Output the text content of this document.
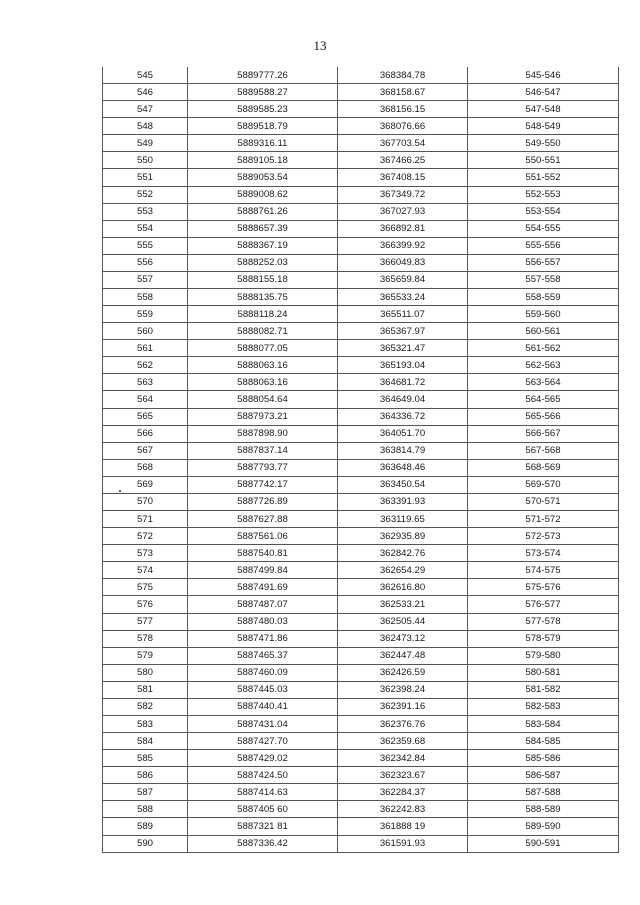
13
545	5889777.26	368384.78	545-546
546	5889588.27	368158.67	546-547
547	5889585.23	368156.15	547-548
548	5889518.79	368076.66	548-549
549	5889316.11	367703.54	549-550
550	5889105.18	367466.25	550-551
551	5889053.54	367408.15	551-552
552	5889008.62	367349.72	552-553
553	5888761.26	367027.93	553-554
554	5888657.39	366892.81	554-555
555	5888367.19	366399.92	555-556
556	5888252.03	366049.83	556-557
557	5888155.18	365659.84	557-558
558	5888135.75	365533.24	558-559
559	5888118.24	365511.07	559-560
560	5888082.71	365367.97	560-561
561	5888077.05	365321.47	561-562
562	5888063.16	365193.04	562-563
563	5888063.16	364681.72	563-564
564	5888054.64	364649.04	564-565
565	5887973.21	364336.72	565-566
566	5887898.90	364051.70	566-567
567	5887837.14	363814.79	567-568
568	5887793.77	363648.46	568-569
569	5887742.17	363450.54	569-570
570	5887726.89	363391.93	570-571
571	5887627.88	363119.65	571-572
572	5887561.06	362935.89	572-573
573	5887540.81	362842.76	573-574
574	5887499.84	362654.29	574-575
575	5887491.69	362616.80	575-576
576	5887487.07	362533.21	576-577
577	5887480.03	362505.44	577-578
578	5887471.86	362473.12	578-579
579	5887465.37	362447.48	579-580
580	5887460.09	362426.59	580-581
581	5887445.03	362398.24	581-582
582	5887440.41	362391.16	582-583
583	5887431.04	362376.76	583-584
584	5887427.70	362359.68	584-585
585	5887429.02	362342.84	585-586
586	5887424.50	362323.67	586-587
587	5887414.63	362284.37	587-588
588	5887405 60	362242.83	588-589
589	5887321 81	361888 19	589-590
590	5887336.42	361591.93	590-591
